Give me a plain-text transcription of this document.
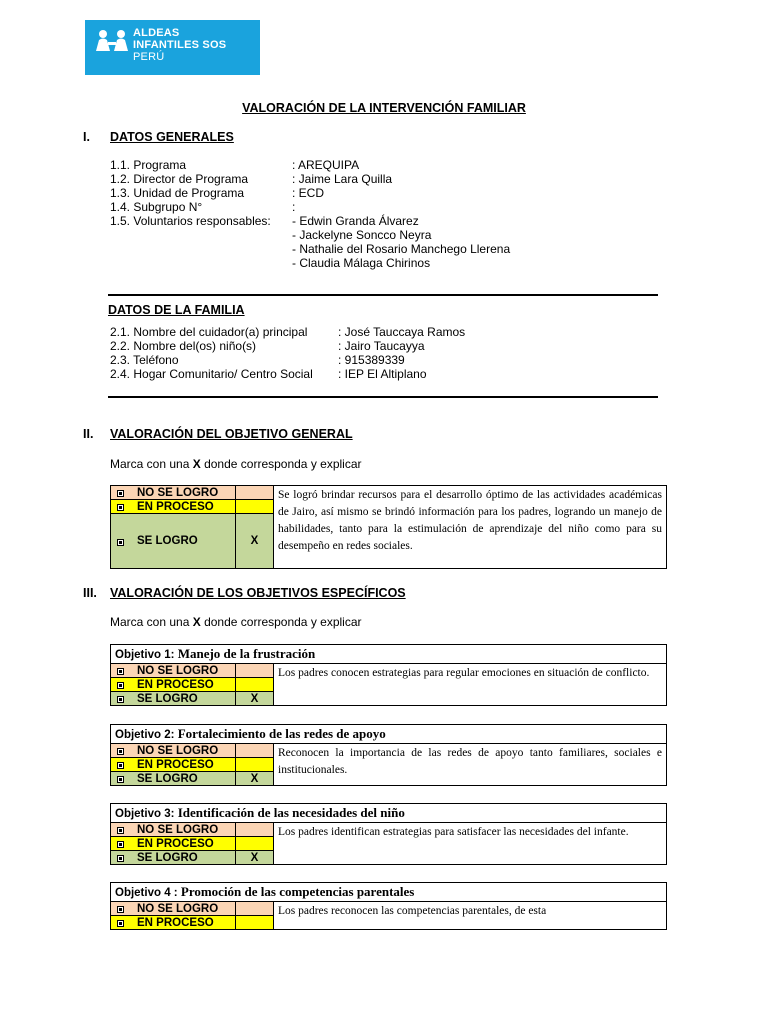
ALDEAS
INFANTILES SOS
PERÚ
VALORACIÓN DE LA INTERVENCIÓN FAMILIAR
I. DATOS GENERALES
1.1. Programa	: AREQUIPA
1.2. Director de Programa	: Jaime Lara Quilla
1.3. Unidad de Programa	: ECD
1.4. Subgrupo N°	:
1.5. Voluntarios responsables: - Edwin Granda Álvarez
- Jackelyne Soncco Neyra
- Nathalie del Rosario Manchego Llerena
- Claudia Málaga Chirinos
DATOS DE LA FAMILIA
2.1. Nombre del cuidador(a) principal	: José Tauccaya Ramos
2.2. Nombre del(os) niño(s)	: Jairo Taucayya
2.3. Teléfono	: 915389339
2.4. Hogar Comunitario/ Centro Social : IEP El Altiplano
II. VALORACIÓN DEL OBJETIVO GENERAL
Marca con una X donde corresponda y explicar
NO SE LOGRO		Se logró brindar recursos para el desarrollo óptimo de las actividades académicas de Jairo, así mismo se brindó información para los padres, logrando un manejo de habilidades, tanto para la estimulación de aprendizaje del niño como para su desempeño en redes sociales.

EN PROCESO		

SE LOGRO	X	
III. VALORACIÓN DE LOS OBJETIVOS ESPECÍFICOS
Marca con una X donde corresponda y explicar
Objetivo 1: Manejo de la frustración		

NO SE LOGRO		Los padres conocen estrategias para regular emociones en situación de conflicto.

EN PROCESO		

SE LOGRO	X	
Objetivo 2: Fortalecimiento de las redes de apoyo		

NO SE LOGRO		Reconocen la importancia de las redes de apoyo tanto familiares, sociales e institucionales.

EN PROCESO		

SE LOGRO	X	
Objetivo 3: Identificación de las necesidades del niño		

NO SE LOGRO		Los padres identifican estrategias para satisfacer las necesidades del infante.

EN PROCESO		

SE LOGRO	X	
Objetivo 4 : Promoción de las competencias parentales		

NO SE LOGRO		Los padres reconocen las competencias parentales, de esta

EN PROCESO		
